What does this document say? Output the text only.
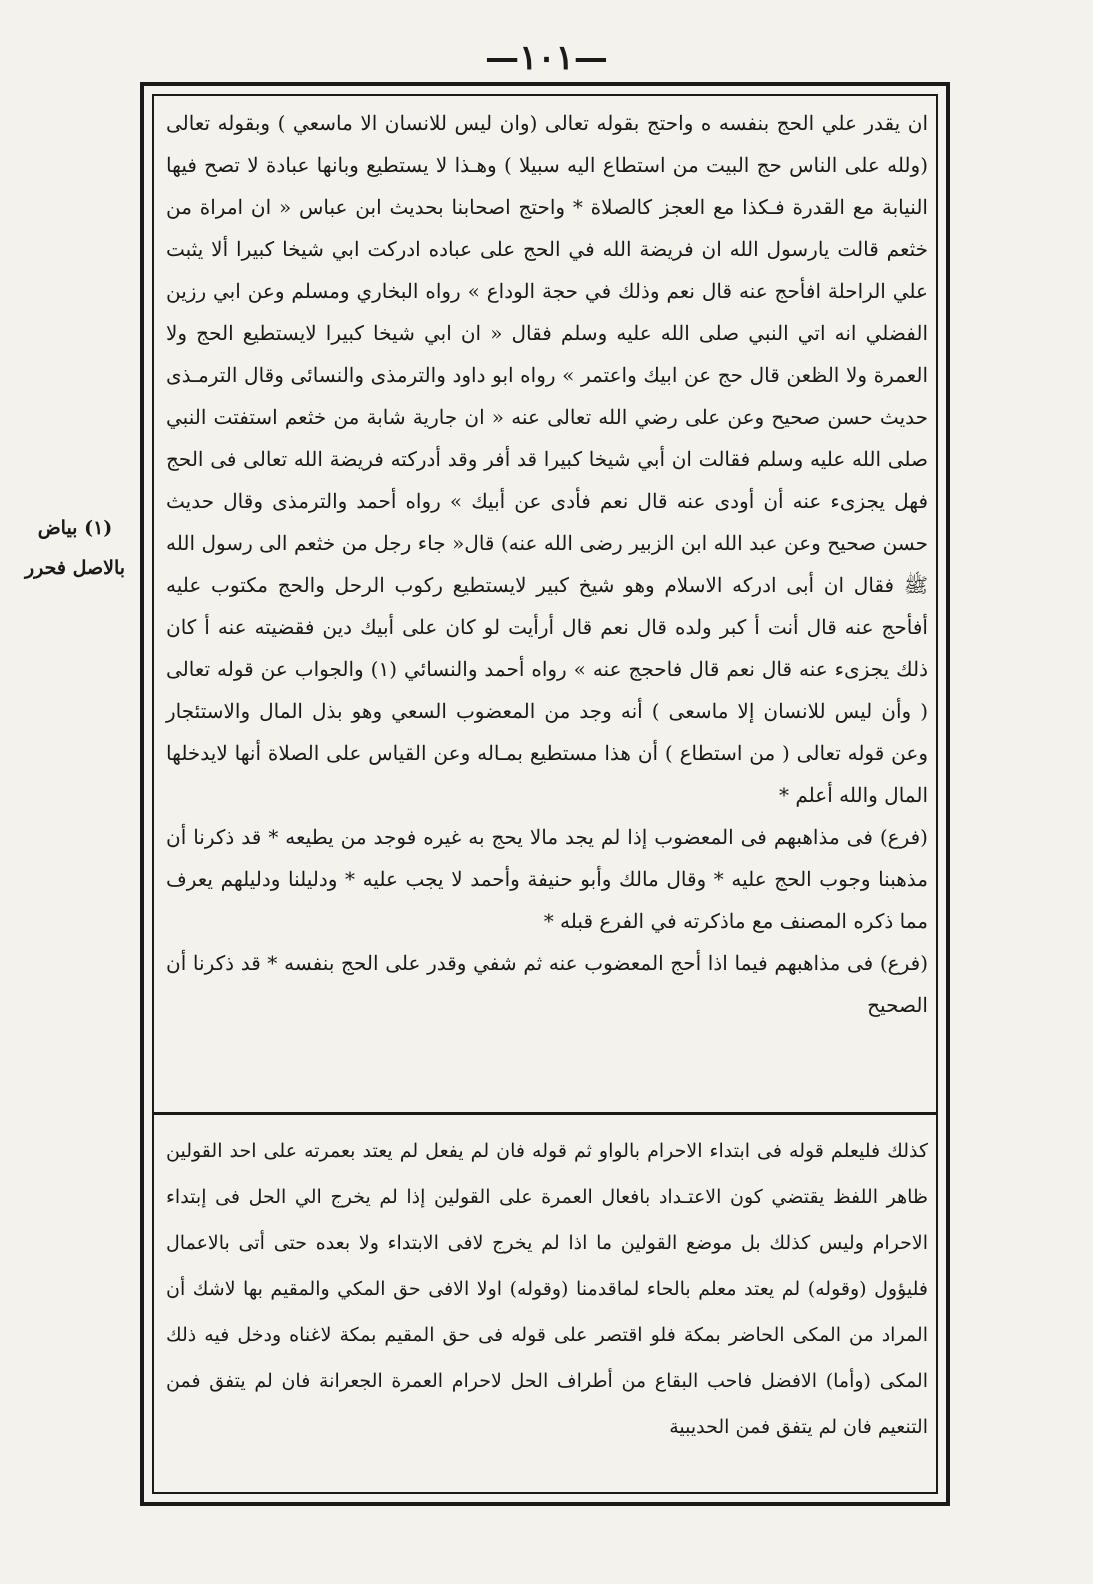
—١٠١—

ان يقدر علي الحج بنفسه ه واحتج بقوله تعالى (وان ليس للانسان الا ماسعي ) وبقوله تعالى (ولله على الناس حج البيت من استطاع اليه سبيلا ) وهـذا لا يستطيع وبانها عبادة لا تصح فيها النيابة مع القدرة فـكذا مع العجز كالصلاة * واحتج اصحابنا بحديث ابن عباس « ان امراة من خثعم قالت يارسول الله ان فريضة الله في الحج على عباده ادركت ابي شيخا كبيرا ألا يثبت علي الراحلة افأحج عنه قال نعم وذلك في حجة الوداع » رواه البخاري ومسلم وعن ابي رزين الفضلي انه اتي النبي صلى الله عليه وسلم فقال « ان ابي شيخا كبيرا لايستطيع الحج ولا العمرة ولا الظعن قال حج عن ابيك واعتمر » رواه ابو داود والترمذى والنسائى وقال الترمـذى حديث حسن صحيح وعن على رضي الله تعالى عنه « ان جارية شابة من خثعم استفتت النبي صلى الله عليه وسلم فقالت ان أبي شيخا كبيرا قد أفر وقد أدركته فريضة الله تعالى فى الحج فهل يجزىء عنه أن أودى عنه قال نعم فأدى عن أبيك » رواه أحمد والترمذى وقال حديث حسن صحيح وعن عبد الله ابن الزبير رضى الله عنه) قال« جاء رجل من خثعم الى رسول الله ﷺ فقال ان أبى ادركه الاسلام وهو شيخ كبير لايستطيع ركوب الرحل والحج مكتوب عليه أفأحج عنه قال أنت أ كبر ولده قال نعم قال أرأيت لو كان على أبيك دين فقضيته عنه أ كان ذلك يجزىء عنه قال نعم قال فاحجج عنه » رواه أحمد والنسائي (١) والجواب عن قوله تعالى ( وأن ليس للانسان إلا ماسعى ) أنه وجد من المعضوب السعي وهو بذل المال والاستئجار وعن قوله تعالى ( من استطاع ) أن هذا مستطيع بمـاله وعن القياس على الصلاة أنها لايدخلها المال والله أعلم *

(فرع) فى مذاهبهم فى المعضوب إذا لم يجد مالا يحج به غيره فوجد من يطيعه * قد ذكرنا أن مذهبنا وجوب الحج عليه * وقال مالك وأبو حنيفة وأحمد لا يجب عليه * ودليلنا ودليلهم يعرف مما ذكره المصنف مع ماذكرته في الفرع قبله *

(فرع) فى مذاهبهم فيما اذا أحج المعضوب عنه ثم شفي وقدر على الحج بنفسه * قد ذكرنا أن الصحيح

كذلك فليعلم قوله فى ابتداء الاحرام بالواو ثم قوله فان لم يفعل لم يعتد بعمرته على احد القولين ظاهر اللفظ يقتضي كون الاعتـداد بافعال العمرة على القولين إذا لم يخرج الي الحل فى إبتداء الاحرام وليس كذلك بل موضع القولين ما اذا لم يخرج لافى الابتداء ولا بعده حتى أتى بالاعمال فليؤول (وقوله) لم يعتد معلم بالحاء لماقدمنا (وقوله) اولا الافى حق المكي والمقيم بها لاشك أن المراد من المكى الحاضر بمكة فلو اقتصر على قوله فى حق المقيم بمكة لاغناه ودخل فيه ذلك المكى (وأما) الافضل فاحب البقاع من أطراف الحل لاحرام العمرة الجعرانة فان لم يتفق فمن التنعيم فان لم يتفق فمن الحديبية

(١) بياض
بالاصل فحرر
